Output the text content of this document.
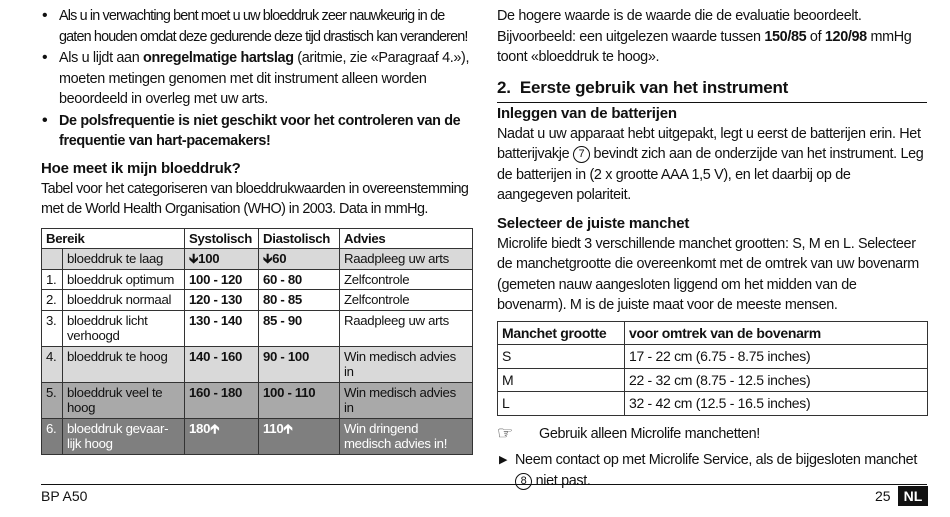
• Als u in verwachting bent moet u uw bloeddruk zeer nauwkeurig in de gaten houden omdat deze gedurende deze tijd drastisch kan veranderen!
• Als u lijdt aan onregelmatige hartslag (aritmie, zie «Paragraaf 4.»), moeten metingen genomen met dit instrument alleen worden beoordeeld in overleg met uw arts.
• De polsfrequentie is niet geschikt voor het controleren van de frequentie van hart-pacemakers!
Hoe meet ik mijn bloeddruk?
Tabel voor het categoriseren van bloeddrukwaarden in overeenstemming met de World Health Organisation (WHO) in 2003. Data in mmHg.
Bereik		Systolisch	Diastolisch	Advies
	bloeddruk te laag	🡳100	🡳60	Raadpleeg uw arts
1.	bloeddruk optimum	100 - 120	60 - 80	Zelfcontrole
2.	bloeddruk normaal	120 - 130	80 - 85	Zelfcontrole
3.	bloeddruk licht verhoogd	130 - 140	85 - 90	Raadpleeg uw arts
4.	bloeddruk te hoog	140 - 160	90 - 100	Win medisch advies in
5.	bloeddruk veel te hoog	160 - 180	100 - 110	Win medisch advies in
6.	bloeddruk gevaar-lijk hoog	180🡱	110🡱	Win dringend medisch advies in!
De hogere waarde is de waarde die de evaluatie beoordeelt. Bijvoorbeeld: een uitgelezen waarde tussen 150/85 of 120/98 mmHg toont «bloeddruk te hoog».
2.  Eerste gebruik van het instrument
Inleggen van de batterijen
Nadat u uw apparaat hebt uitgepakt, legt u eerst de batterijen erin. Het batterijvakje 7 bevindt zich aan de onderzijde van het instrument. Leg de batterijen in (2 x grootte AAA 1,5 V), en let daarbij op de aangegeven polariteit.
Selecteer de juiste manchet
Microlife biedt 3 verschillende manchet grootten: S, M en L. Selecteer de manchetgrootte die overeenkomt met de omtrek van uw bovenarm (gemeten nauw aangesloten liggend om het midden van de bovenarm). M is de juiste maat voor de meeste mensen.
Manchet grootte	voor omtrek van de bovenarm
S	17 - 22 cm (6.75 - 8.75 inches)
M	22 - 32 cm (8.75 - 12.5 inches)
L	32 - 42 cm (12.5 - 16.5 inches)
☞ Gebruik alleen Microlife manchetten!
▶ Neem contact op met Microlife Service, als de bijgesloten manchet 8 niet past.
BP A50	25 NL
